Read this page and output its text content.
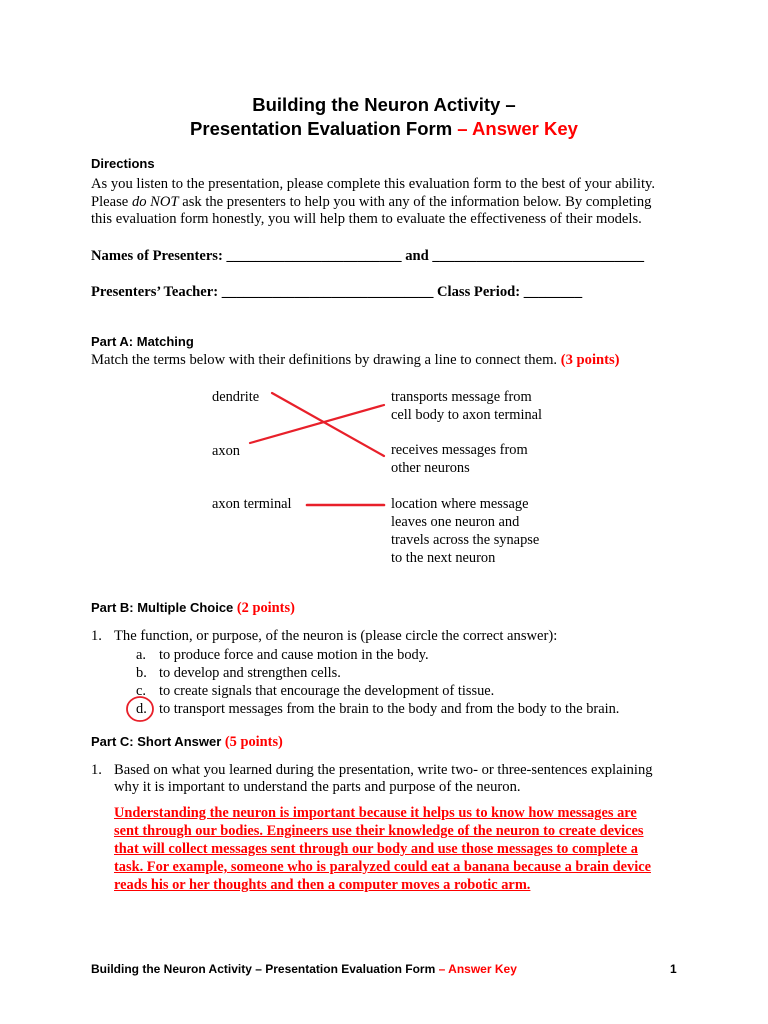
Building the Neuron Activity –
Presentation Evaluation Form – Answer Key
Directions
As you listen to the presentation, please complete this evaluation form to the best of your ability.
Please do NOT ask the presenters to help you with any of the information below. By completing
this evaluation form honestly, you will help them to evaluate the effectiveness of their models.
Names of Presenters: ________________________ and _____________________________
Presenters’ Teacher: _____________________________ Class Period: ________
Part A: Matching
Match the terms below with their definitions by drawing a line to connect them. (3 points)
dendrite
axon
axon terminal
transports message from
cell body to axon terminal
receives messages from
other neurons
location where message
leaves one neuron and
travels across the synapse
to the next neuron
Part B: Multiple Choice (2 points)
1. The function, or purpose, of the neuron is (please circle the correct answer):
a. to produce force and cause motion in the body.
b. to develop and strengthen cells.
c. to create signals that encourage the development of tissue.
d. to transport messages from the brain to the body and from the body to the brain.
Part C: Short Answer (5 points)
1. Based on what you learned during the presentation, write two- or three-sentences explaining
why it is important to understand the parts and purpose of the neuron.
Understanding the neuron is important because it helps us to know how messages are
sent through our bodies. Engineers use their knowledge of the neuron to create devices
that will collect messages sent through our body and use those messages to complete a
task. For example, someone who is paralyzed could eat a banana because a brain device
reads his or her thoughts and then a computer moves a robotic arm.
Building the Neuron Activity – Presentation Evaluation Form – Answer Key	1
